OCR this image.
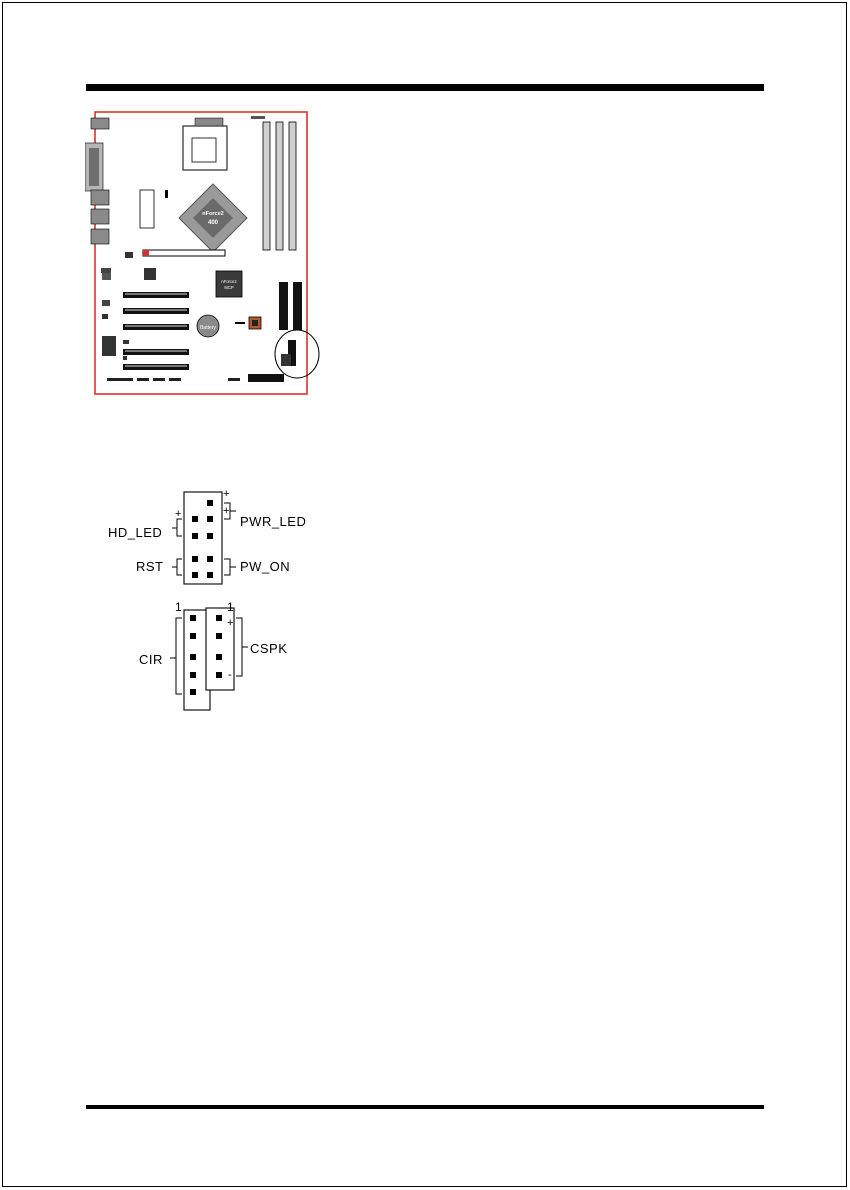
nForce2
400
nForce2
MCP
Battery
+
+
+
HD_LED
PWR_LED
RST	PW_ON
1	1
+
-
CIR
CSPK
